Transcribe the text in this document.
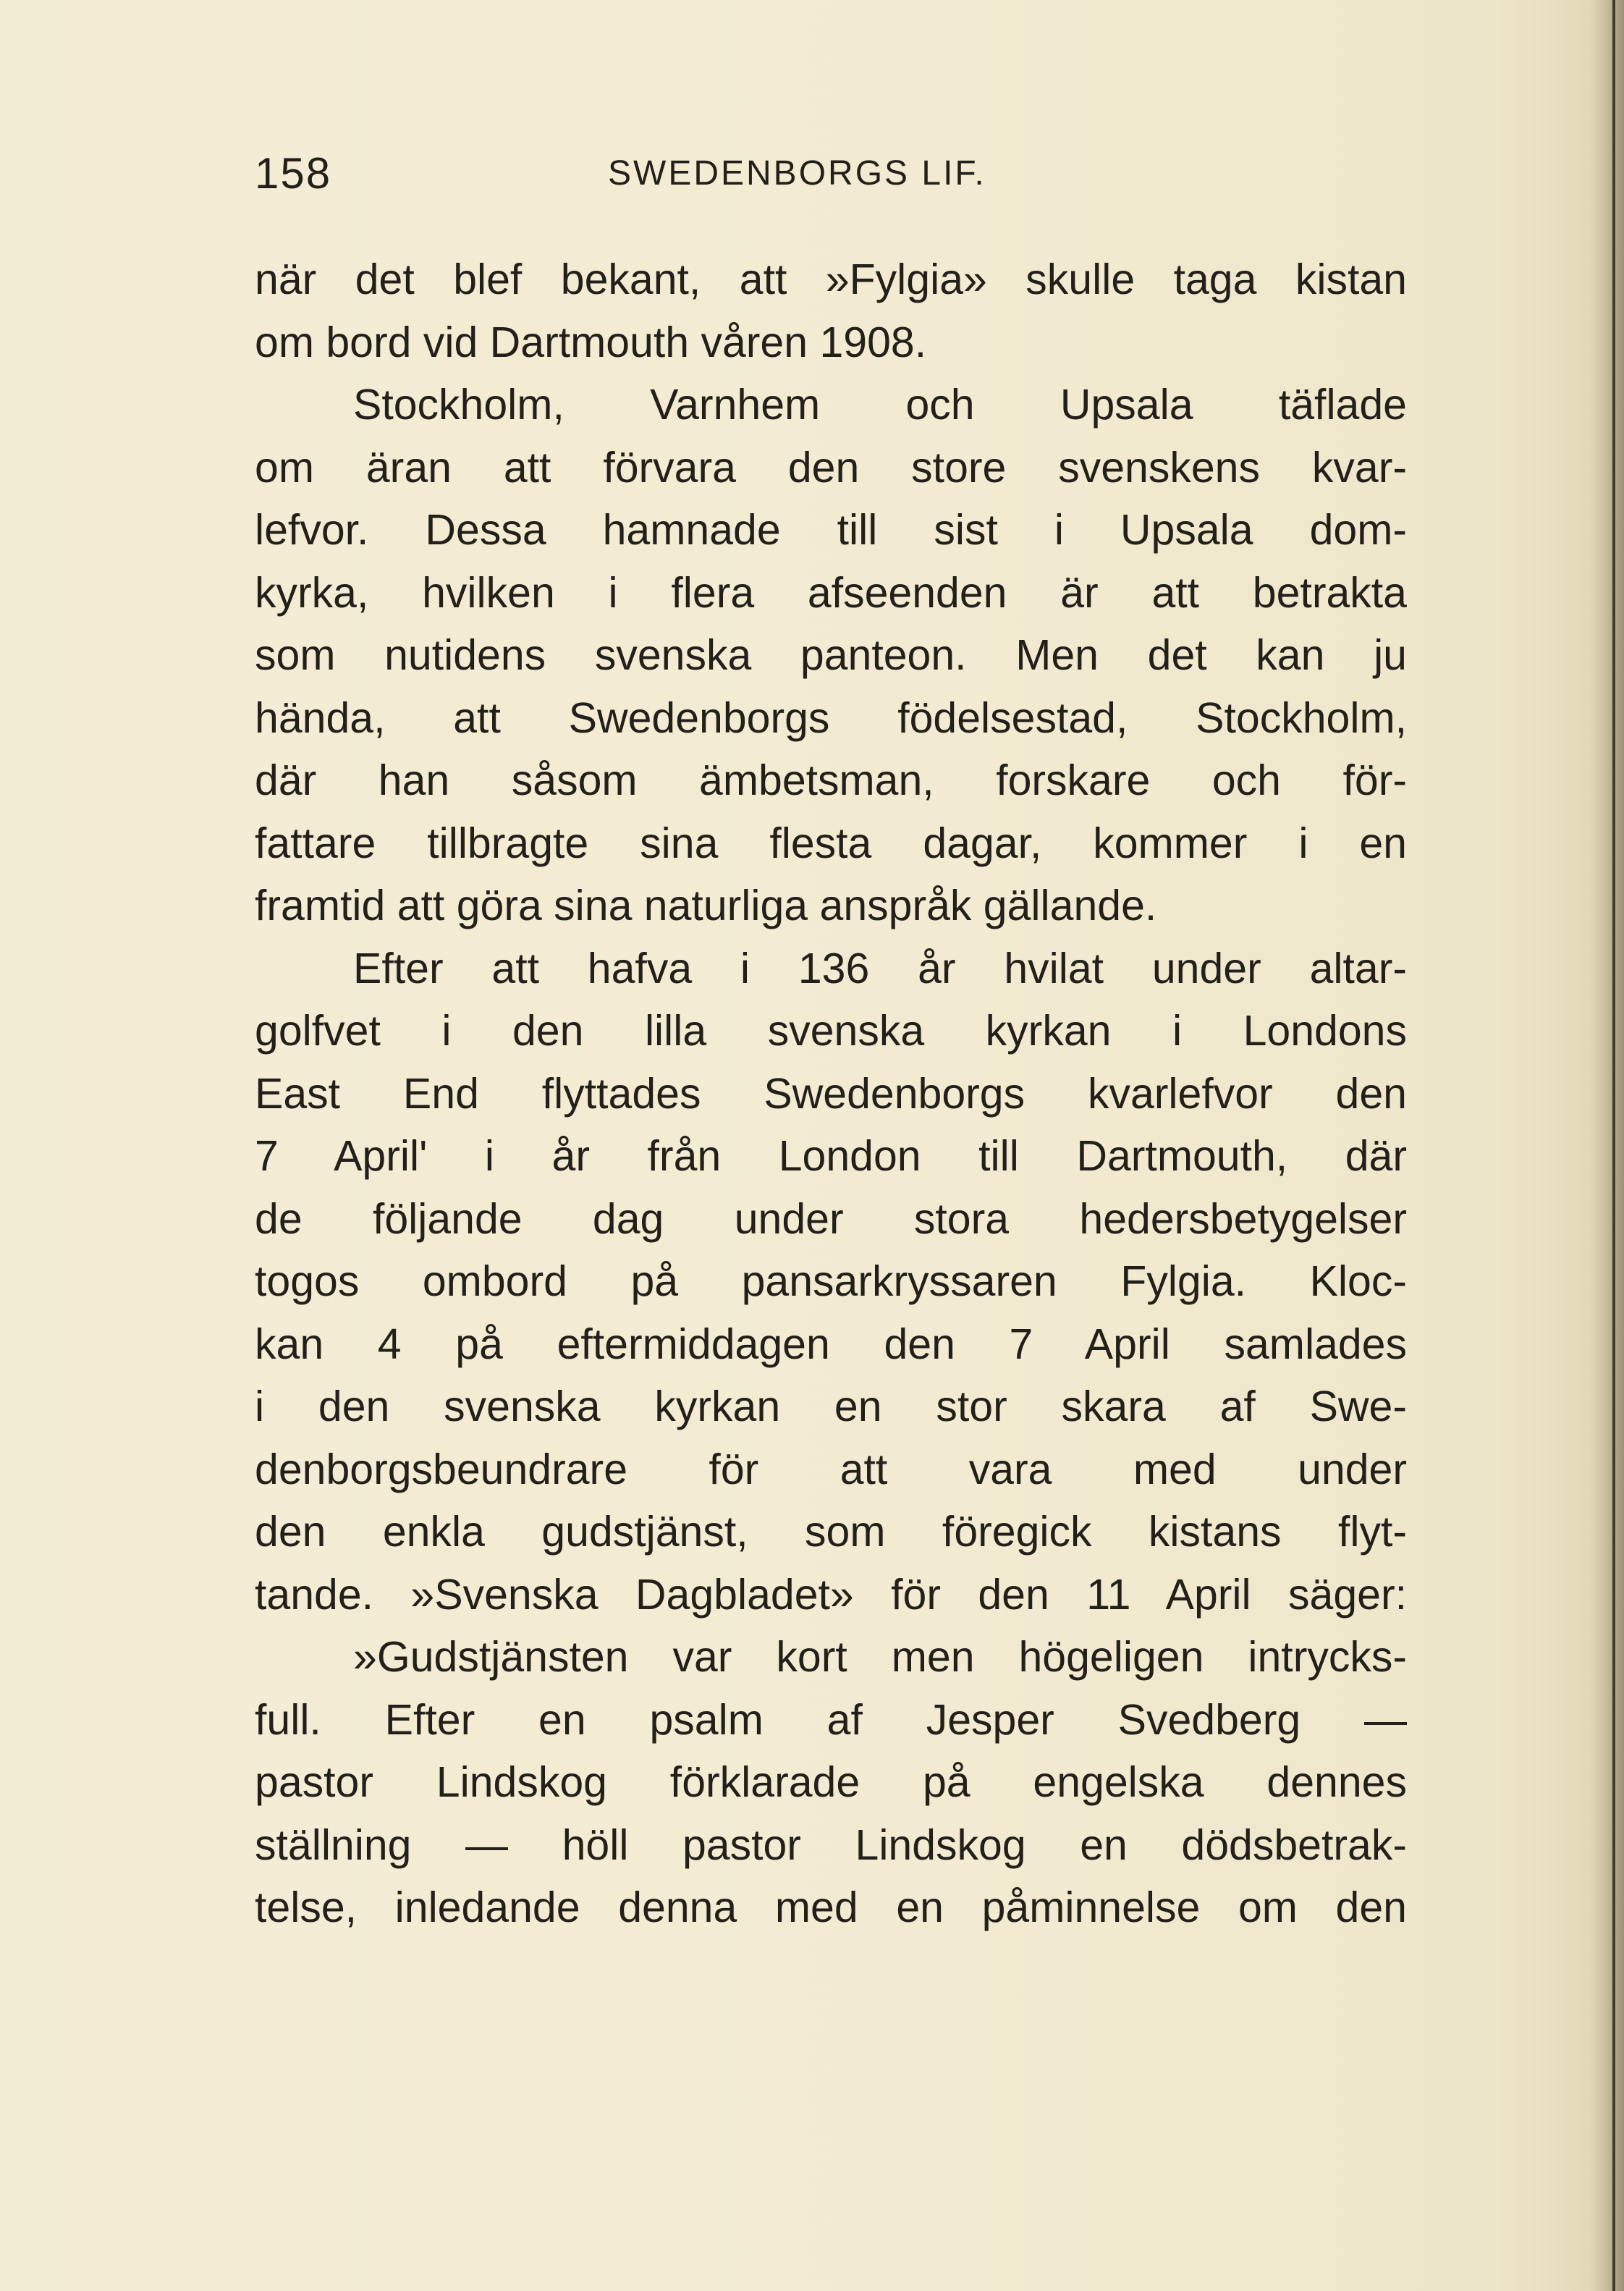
158	SWEDENBORGS LIF.
när det blef bekant, att »Fylgia» skulle taga kistan
om bord vid Dartmouth våren 1908.
Stockholm, Varnhem och Upsala täflade
om äran att förvara den store svenskens kvar-
lefvor. Dessa hamnade till sist i Upsala dom-
kyrka, hvilken i flera afseenden är att betrakta
som nutidens svenska panteon. Men det kan ju
hända, att Swedenborgs födelsestad, Stockholm,
där han såsom ämbetsman, forskare och för-
fattare tillbragte sina flesta dagar, kommer i en
framtid att göra sina naturliga anspråk gällande.
Efter att hafva i 136 år hvilat under altar-
golfvet i den lilla svenska kyrkan i Londons
East End flyttades Swedenborgs kvarlefvor den
7 April' i år från London till Dartmouth, där
de följande dag under stora hedersbetygelser
togos ombord på pansarkryssaren Fylgia. Kloc-
kan 4 på eftermiddagen den 7 April samlades
i den svenska kyrkan en stor skara af Swe-
denborgsbeundrare för att vara med under
den enkla gudstjänst, som föregick kistans flyt-
tande. »Svenska Dagbladet» för den 11 April säger:
»Gudstjänsten var kort men högeligen intrycks-
full. Efter en psalm af Jesper Svedberg —
pastor Lindskog förklarade på engelska dennes
ställning — höll pastor Lindskog en dödsbetrak-
telse, inledande denna med en påminnelse om den
